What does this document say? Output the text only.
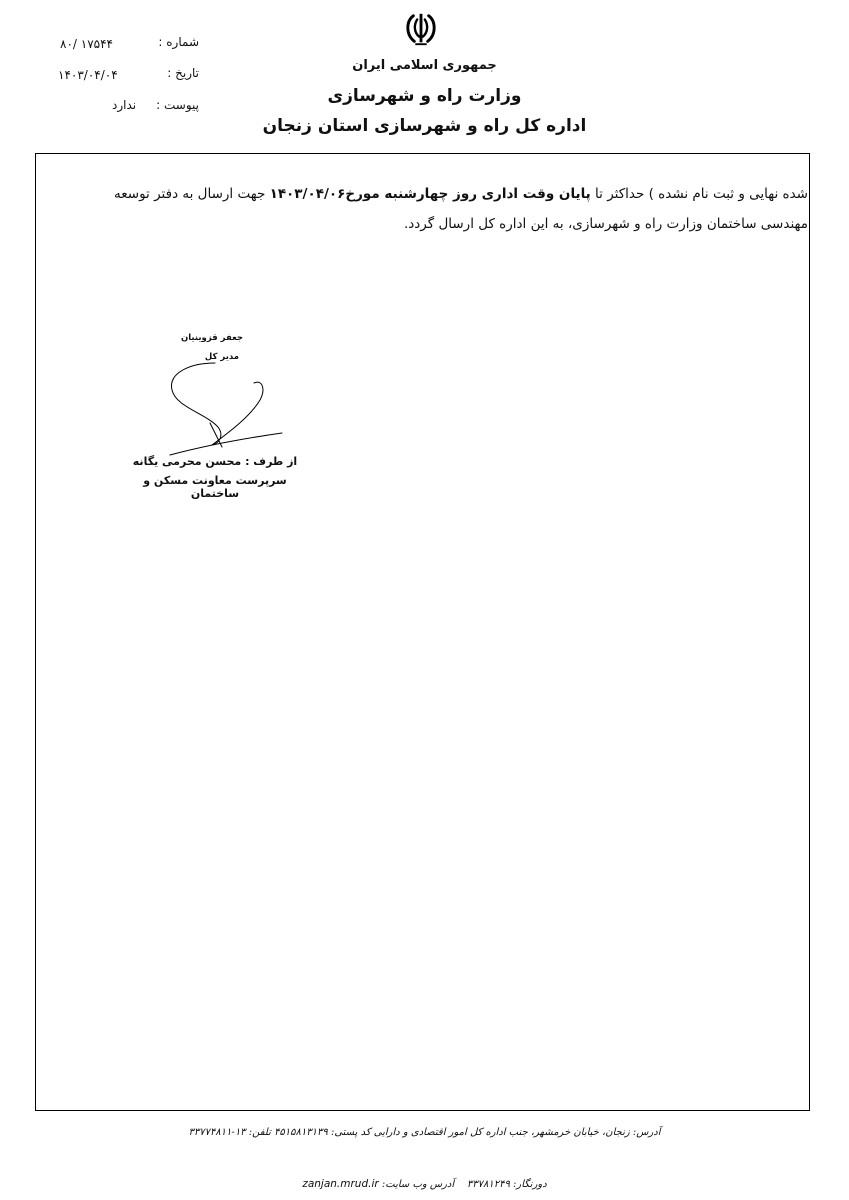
جمهوری اسلامی ایران
وزارت راه و شهرسازی
اداره کل راه و شهرسازی استان زنجان
شماره :
۸۰/ ۱۷۵۴۴
تاریخ :
۱۴۰۳/۰۴/۰۴
پیوست :
ندارد
شده نهایی و ثبت نام نشده ) حداکثر تا پایان وقت اداری روز چهارشنبه مورخ۱۴۰۳/۰۴/۰۶ جهت ارسال به دفتر توسعه
مهندسی ساختمان وزارت راه و شهرسازی، به این اداره کل ارسال گردد.
جعفر قزوینیان
مدیر کل
از طرف : محسن محرمی یگانه
سرپرست معاونت مسکن و ساختمان
آدرس: زنجان، خیابان خرمشهر، جنب اداره کل امور اقتصادی و دارایی کد پستی: ۴۵۱۵۸۱۳۱۳۹ تلفن: ۱۳-۳۳۷۷۴۸۱۱
دورنگار: ۳۳۷۸۱۲۴۹    آدرس وب سایت: zanjan.mrud.ir
